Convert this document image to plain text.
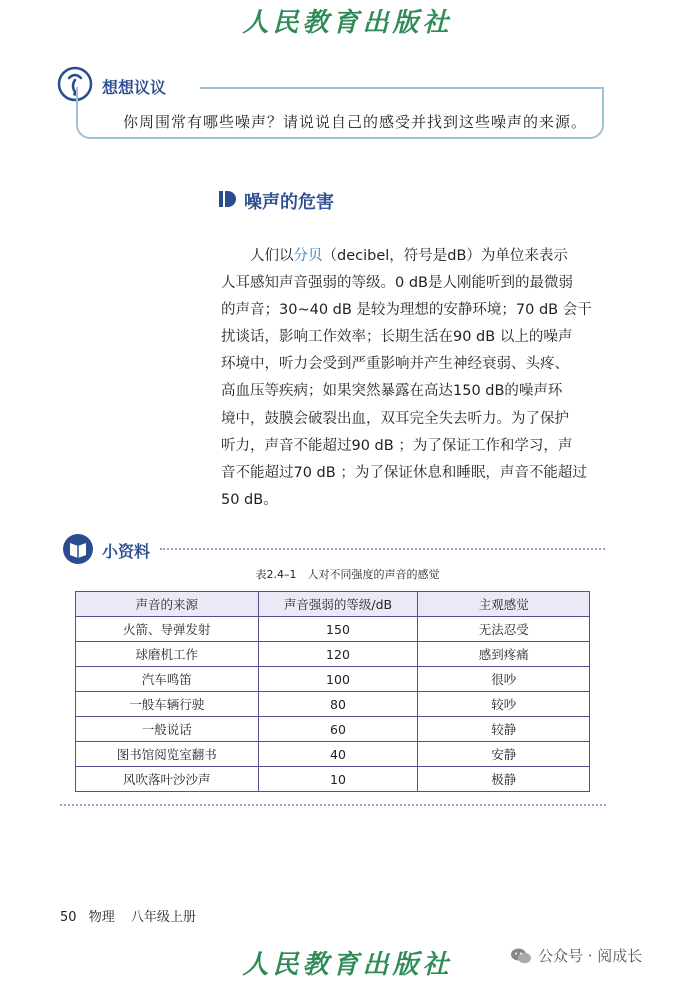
人民教育出版社
想想议议
你周围常有哪些噪声？请说说自己的感受并找到这些噪声的来源。
噪声的危害
人们以分贝（decibel，符号是dB）为单位来表示
人耳感知声音强弱的等级。0 dB是人刚能听到的最微弱
的声音；30~40 dB 是较为理想的安静环境；70 dB 会干
扰谈话，影响工作效率；长期生活在90 dB 以上的噪声
环境中，听力会受到严重影响并产生神经衰弱、头疼、
高血压等疾病；如果突然暴露在高达150 dB的噪声环
境中，鼓膜会破裂出血，双耳完全失去听力。为了保护
听力，声音不能超过90 dB ；为了保证工作和学习，声
音不能超过70 dB ；为了保证休息和睡眠，声音不能超过
50 dB。
小资料
表2.4–1　人对不同强度的声音的感觉
声音的来源	声音强弱的等级/dB	主观感觉
火箭、导弹发射	150	无法忍受
球磨机工作	120	感到疼痛
汽车鸣笛	100	很吵
一般车辆行驶	80	较吵
一般说话	60	较静
图书馆阅览室翻书	40	安静
风吹落叶沙沙声	10	极静
50 物理 八年级上册
人民教育出版社	公众号 · 阅成长
